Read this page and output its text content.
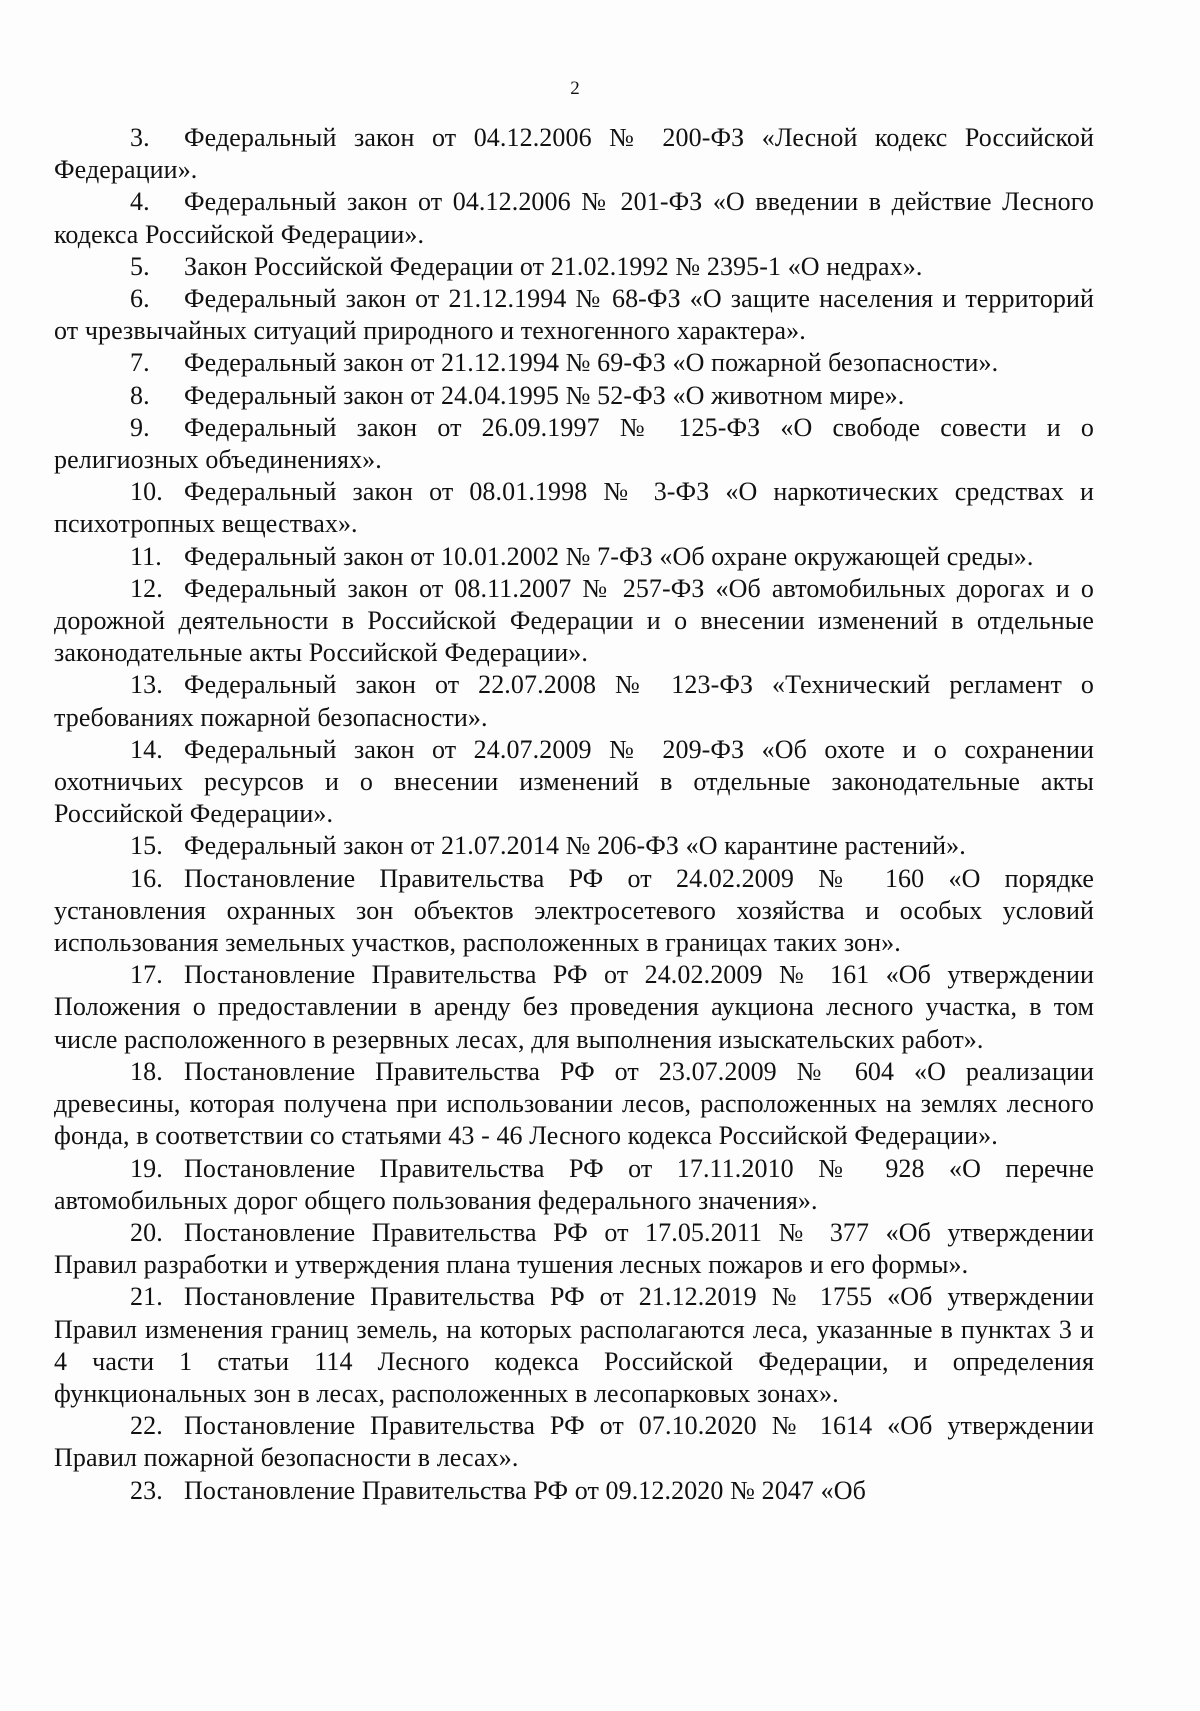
2

3. Федеральный закон от 04.12.2006 № 200-ФЗ «Лесной кодекс Российской Федерации».

4. Федеральный закон от 04.12.2006 № 201-ФЗ «О введении в действие Лесного кодекса Российской Федерации».

5. Закон Российской Федерации от 21.02.1992 № 2395-1 «О недрах».

6. Федеральный закон от 21.12.1994 № 68-ФЗ «О защите населения и территорий от чрезвычайных ситуаций природного и техногенного характера».

7. Федеральный закон от 21.12.1994 № 69-ФЗ «О пожарной безопасности».

8. Федеральный закон от 24.04.1995 № 52-ФЗ «О животном мире».

9. Федеральный закон от 26.09.1997 № 125-ФЗ «О свободе совести и о религиозных объединениях».

10. Федеральный закон от 08.01.1998 № 3-ФЗ «О наркотических средствах и психотропных веществах».

11. Федеральный закон от 10.01.2002 № 7-ФЗ «Об охране окружающей среды».

12. Федеральный закон от 08.11.2007 № 257-ФЗ «Об автомобильных дорогах и о дорожной деятельности в Российской Федерации и о внесении изменений в отдельные законодательные акты Российской Федерации».

13. Федеральный закон от 22.07.2008 № 123-ФЗ «Технический регламент о требованиях пожарной безопасности».

14. Федеральный закон от 24.07.2009 № 209-ФЗ «Об охоте и о сохранении охотничьих ресурсов и о внесении изменений в отдельные законодательные акты Российской Федерации».

15. Федеральный закон от 21.07.2014 № 206-ФЗ «О карантине растений».

16. Постановление Правительства РФ от 24.02.2009 № 160 «О порядке установления охранных зон объектов электросетевого хозяйства и особых условий использования земельных участков, расположенных в границах таких зон».

17. Постановление Правительства РФ от 24.02.2009 № 161 «Об утверждении Положения о предоставлении в аренду без проведения аукциона лесного участка, в том числе расположенного в резервных лесах, для выполнения изыскательских работ».

18. Постановление Правительства РФ от 23.07.2009 № 604 «О реализации древесины, которая получена при использовании лесов, расположенных на землях лесного фонда, в соответствии со статьями 43 - 46 Лесного кодекса Российской Федерации».

19. Постановление Правительства РФ от 17.11.2010 № 928 «О перечне автомобильных дорог общего пользования федерального значения».

20. Постановление Правительства РФ от 17.05.2011 № 377 «Об утверждении Правил разработки и утверждения плана тушения лесных пожаров и его формы».

21. Постановление Правительства РФ от 21.12.2019 № 1755 «Об утверждении Правил изменения границ земель, на которых располагаются леса, указанные в пунктах 3 и 4 части 1 статьи 114 Лесного кодекса Российской Федерации, и определения функциональных зон в лесах, расположенных в лесопарковых зонах».

22. Постановление Правительства РФ от 07.10.2020 № 1614 «Об утверждении Правил пожарной безопасности в лесах».

23. Постановление Правительства РФ от 09.12.2020 № 2047 «Об
